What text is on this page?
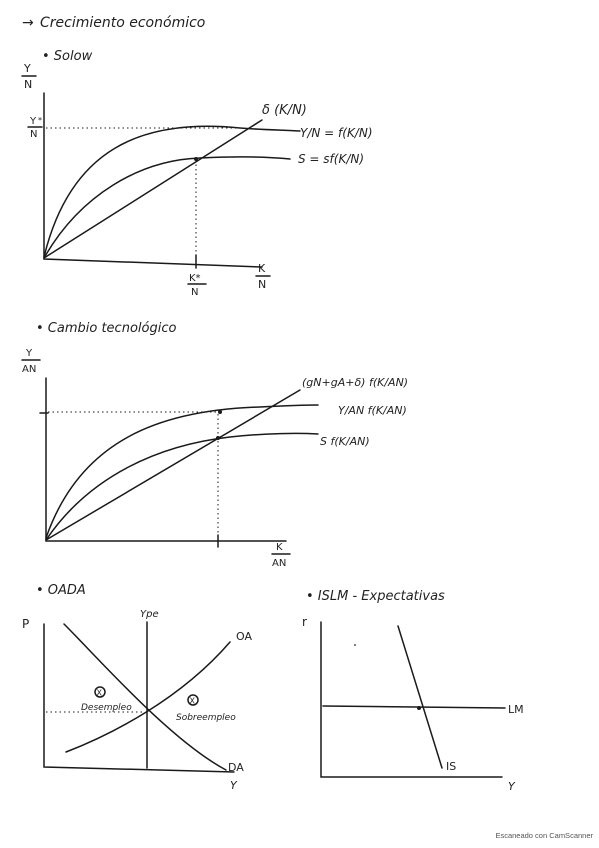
→ Crecimiento económico
• Solow
Y
N
Y *
N
K*
N
K
N
δ (K/N)
Y/N = f(K/N)
S = sf(K/N)
• Cambio tecnológico
Y
AN
K
AN
(gN+gA+δ) f(K/AN)
Y/AN f(K/AN)
S f(K/AN)
• OADA
Ype
P
OA
DA
Y
X
Desempleo
X
Sobreempleo
• ISLM - Expectativas
r
LM
IS
Y
Escaneado con CamScanner
